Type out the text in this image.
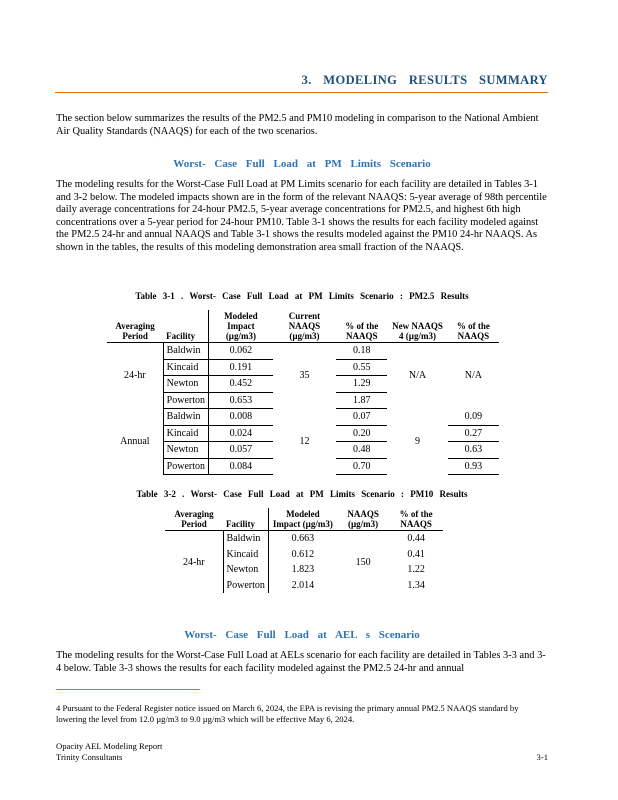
3. MODELING RESULTS SUMMARY
The section below summarizes the results of the PM2.5 and PM10 modeling in comparison to the National Ambient Air Quality Standards (NAAQS) for each of the two scenarios.
Worst- Case Full Load at PM Limits Scenario
The modeling results for the Worst-Case Full Load at PM Limits scenario for each facility are detailed in Tables 3-1 and 3-2 below. The modeled impacts shown are in the form of the relevant NAAQS: 5-year average of 98th percentile daily average concentrations for 24-hour PM2.5, 5-year average concentrations for PM2.5, and highest 6th high concentrations over a 5-year period for 24-hour PM10. Table 3-1 shows the results for each facility modeled against the PM2.5 24-hr and annual NAAQS and Table 3-1 shows the results modeled against the PM10 24-hr NAAQS. As shown in the tables, the results of this modeling demonstration area small fraction of the NAAQS.
Table 3-1 . Worst- Case Full Load at PM Limits Scenario : PM2.5 Results
Averaging Period	Facility	Modeled Impact (µg/m3)	Current NAAQS (µg/m3)	% of the NAAQS	New NAAQS 4 (µg/m3)	% of the NAAQS
24-hr	Baldwin	0.062	35	0.18	N/A	N/A
	Kincaid	0.191		0.55		
	Newton	0.452		1.29		
	Powerton	0.653		1.87		
Annual	Baldwin	0.008	12	0.07	9	0.09
	Kincaid	0.024		0.20		0.27
	Newton	0.057		0.48		0.63
	Powerton	0.084		0.70		0.93
Table 3-2 . Worst- Case Full Load at PM Limits Scenario : PM10 Results
Averaging Period	Facility	Modeled Impact (µg/m3)	NAAQS (µg/m3)	% of the NAAQS
24-hr	Baldwin	0.663	150	0.44
	Kincaid	0.612		0.41
	Newton	1.823		1.22
	Powerton	2.014		1.34
Worst- Case Full Load at AEL s Scenario
The modeling results for the Worst-Case Full Load at AELs scenario for each facility are detailed in Tables 3-3 and 3-4 below. Table 3-3 shows the results for each facility modeled against the PM2.5 24-hr and annual
4 Pursuant to the Federal Register notice issued on March 6, 2024, the EPA is revising the primary annual PM2.5 NAAQS standard by lowering the level from 12.0 µg/m3 to 9.0 µg/m3 which will be effective May 6, 2024.
Opacity AEL Modeling Report
Trinity Consultants	3-1
